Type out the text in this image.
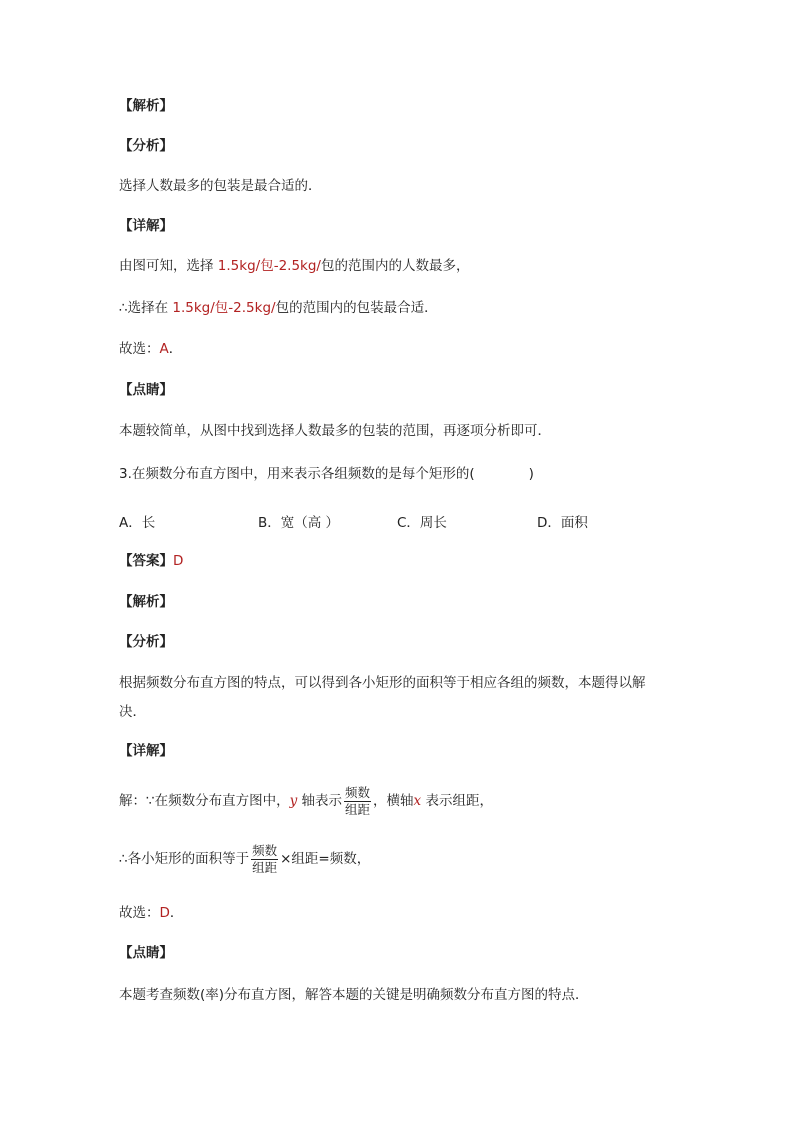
【解析】
【分析】
选择人数最多的包装是最合适的．
【详解】
由图可知，选择 1.5kg/包-2.5kg/包的范围内的人数最多，
∴选择在 1.5kg/包-2.5kg/包的范围内的包装最合适．
故选：A．
【点睛】
本题较简单，从图中找到选择人数最多的包装的范围，再逐项分析即可．
3.在频数分布直方图中，用来表示各组频数的是每个矩形的(　　　　)
A．长	B．宽（高 ）	C．周长	D．面积
【答案】D
【解析】
【分析】
根据频数分布直方图的特点，可以得到各小矩形的面积等于相应各组的频数，本题得以解
决．
【详解】
解：∵在频数分布直方图中，y 轴表示 $\frac{\text{频数}}{\text{组距}}$ ，横轴x 表示组距，
∴各小矩形的面积等于 $\frac{\text{频数}}{\text{组距}}$ ×组距=频数，
故选：D．
【点睛】
本题考查频数(率)分布直方图，解答本题的关键是明确频数分布直方图的特点．
